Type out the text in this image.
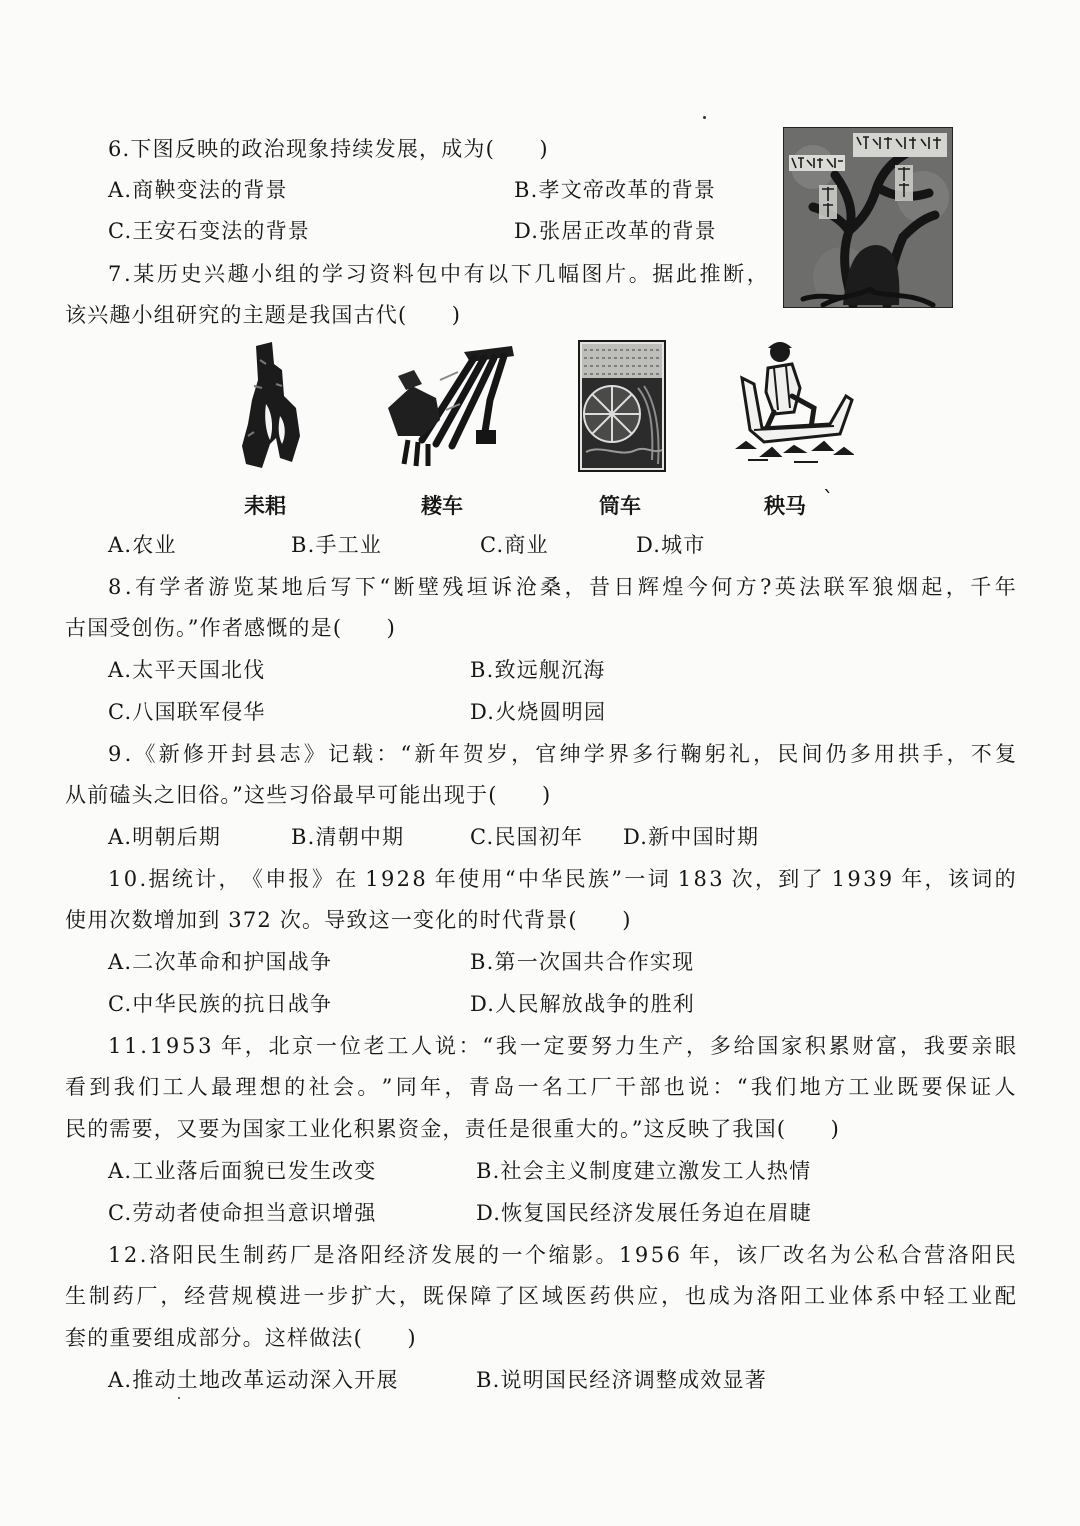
6.下图反映的政治现象持续发展，成为(　　)
A.商鞅变法的背景	B.孝文帝改革的背景
C.王安石变法的背景	D.张居正改革的背景
7 . 某 历 史 兴 趣 小 组 的 学 习 资 料 包 中 有 以 下 几 幅 图 片 。 据 此 推 断 ，
该兴趣小组研究的主题是我国古代(　　)
耒耜	耧车	筒车	秧马 `
A.农业	B.手工业	C.商业	D.城市
8 . 有 学 者 游 览 某 地 后 写 下 “ 断 壁 残 垣 诉 沧 桑 ， 昔 日 辉 煌 今 何 方 ? 英 法 联 军 狼 烟 起 ， 千 年
古国受创伤。”作者感慨的是(　　)
A.太平天国北伐	B.致远舰沉海
C.八国联军侵华	D.火烧圆明园
9 . 《 新 修 开 封 县 志 》 记 载 ： “ 新 年 贺 岁 ， 官 绅 学 界 多 行 鞠 躬 礼 ， 民 间 仍 多 用 拱 手 ， 不 复
从前磕头之旧俗。”这些习俗最早可能出现于(　　)
A.明朝后期	B.清朝中期	C.民国初年 D.新中国时期
1 0 . 据 统 计 ， 《 申 报 》 在 1 9 2 8 年 使 用 “ 中 华 民 族 ” 一 词 1 8 3 次 ， 到 了 1 9 3 9 年 ， 该 词 的
使用次数增加到 372 次。导致这一变化的时代背景(　　)
A.二次革命和护国战争	B.第一次国共合作实现
C.中华民族的抗日战争	D.人民解放战争的胜利
1 1 . 1 9 5 3 年 ， 北 京 一 位 老 工 人 说 ： “ 我 一 定 要 努 力 生 产 ， 多 给 国 家 积 累 财 富 ， 我 要 亲 眼
看 到 我 们 工 人 最 理 想 的 社 会 。 ” 同 年 ， 青 岛 一 名 工 厂 干 部 也 说 ： “ 我 们 地 方 工 业 既 要 保 证 人
民的需要，又要为国家工业化积累资金，责任是很重大的。”这反映了我国(　　)
A.工业落后面貌已发生改变	B.社会主义制度建立激发工人热情
C.劳动者使命担当意识增强	D.恢复国民经济发展任务迫在眉睫
1 2 . 洛 阳 民 生 制 药 厂 是 洛 阳 经 济 发 展 的 一 个 缩 影 。 1 9 5 6 年 ， 该 厂 改 名 为 公 私 合 营 洛 阳 民
生 制 药 厂 ， 经 营 规 模 进 一 步 扩 大 ， 既 保 障 了 区 域 医 药 供 应 ， 也 成 为 洛 阳 工 业 体 系 中 轻 工 业 配
套的重要组成部分。这样做法(　　)
A.推动土地改革运动深入开展	B.说明国民经济调整成效显著
